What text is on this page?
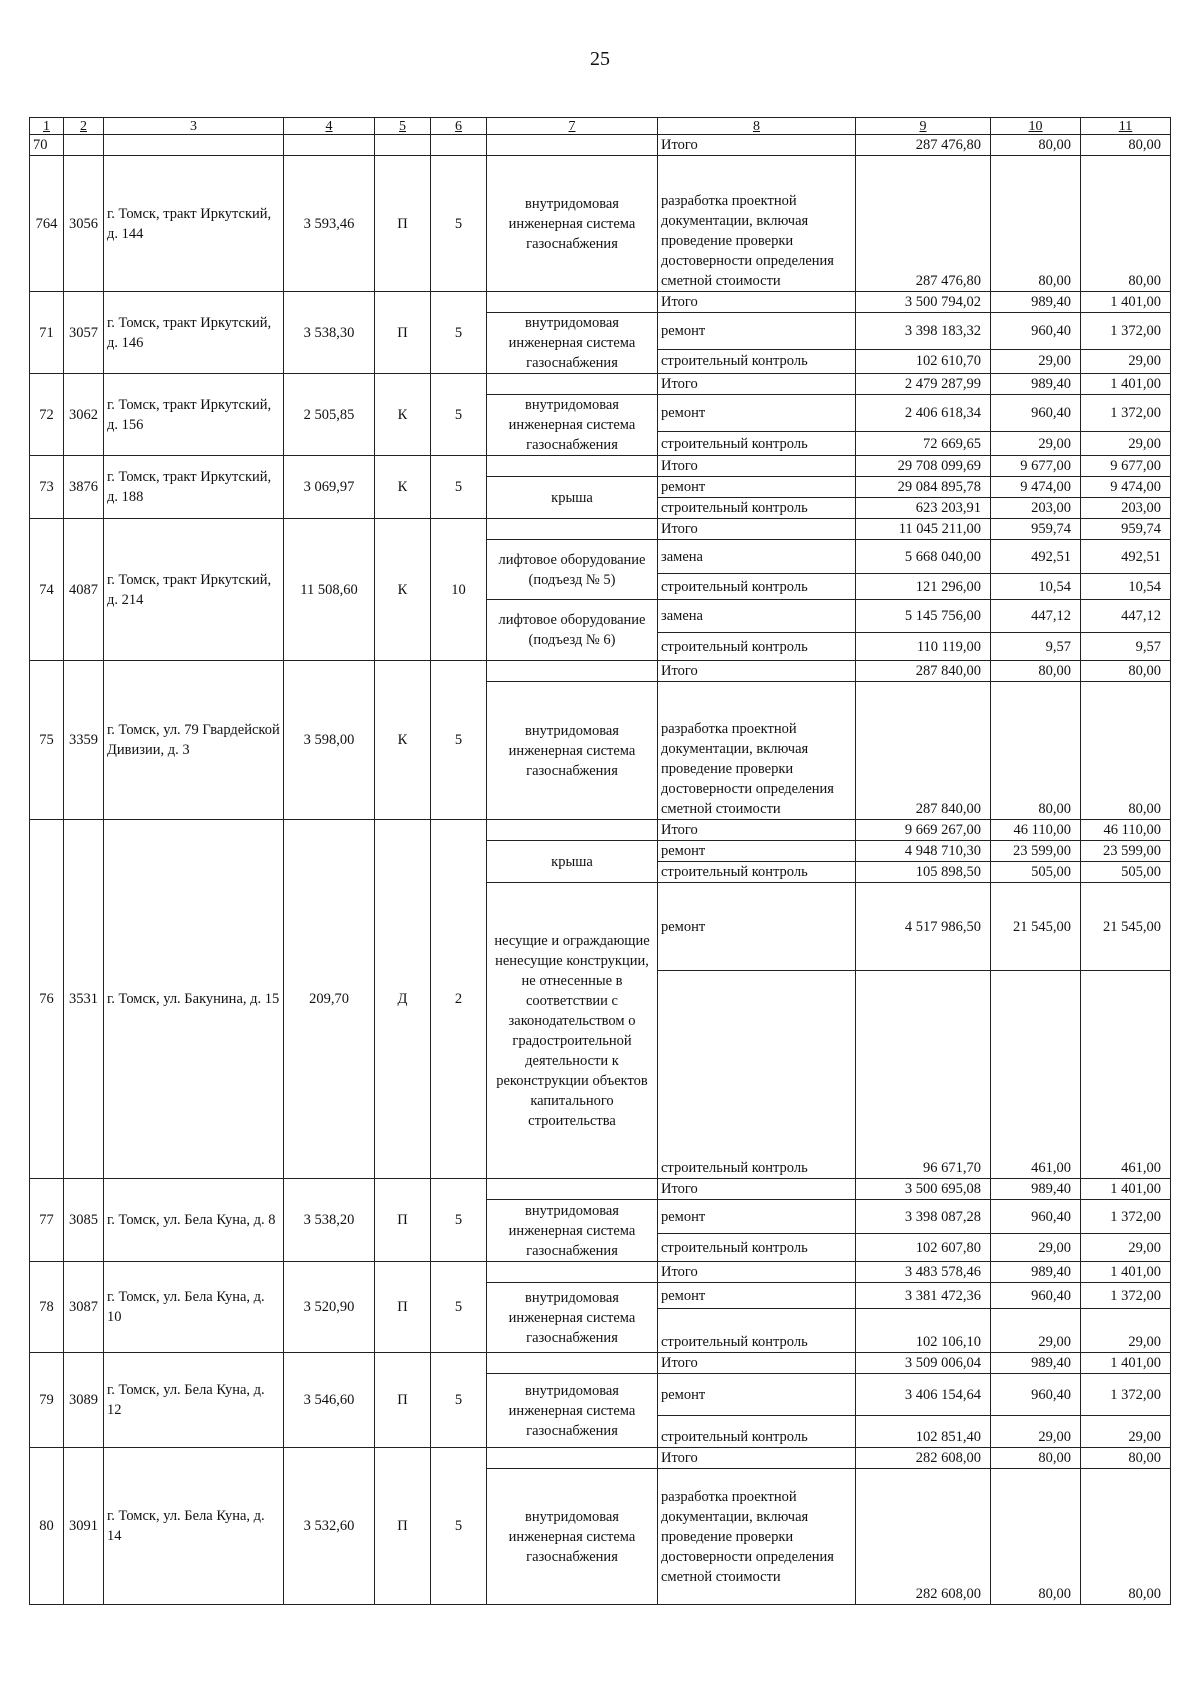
25
1	2	3	4	5	6	7	8	9	10	11
70							Итого	287 476,80	80,00	80,00
764	3056	г. Томск, тракт Иркутский, д. 144	3 593,46	П	5	внутридомовая инженерная система газоснабжения	разработка проектной документации, включая проведение проверки достоверности определения сметной стоимости	287 476,80	80,00	80,00
71	3057	г. Томск, тракт Иркутский, д. 146	3 538,30	П	5		Итого	3 500 794,02	989,40	1 401,00
						внутридомовая инженерная система газоснабжения	ремонт	3 398 183,32	960,40	1 372,00
							строительный контроль	102 610,70	29,00	29,00
72	3062	г. Томск, тракт Иркутский, д. 156	2 505,85	К	5		Итого	2 479 287,99	989,40	1 401,00
						внутридомовая инженерная система газоснабжения	ремонт	2 406 618,34	960,40	1 372,00
							строительный контроль	72 669,65	29,00	29,00
73	3876	г. Томск, тракт Иркутский, д. 188	3 069,97	К	5		Итого	29 708 099,69	9 677,00	9 677,00
						крыша	ремонт	29 084 895,78	9 474,00	9 474,00
							строительный контроль	623 203,91	203,00	203,00
74	4087	г. Томск, тракт Иркутский, д. 214	11 508,60	К	10		Итого	11 045 211,00	959,74	959,74
						лифтовое оборудование (подъезд № 5)	замена	5 668 040,00	492,51	492,51
							строительный контроль	121 296,00	10,54	10,54
						лифтовое оборудование (подъезд № 6)	замена	5 145 756,00	447,12	447,12
							строительный контроль	110 119,00	9,57	9,57
75	3359	г. Томск, ул. 79 Гвардейской Дивизии, д. 3	3 598,00	К	5		Итого	287 840,00	80,00	80,00
						внутридомовая инженерная система газоснабжения	разработка проектной документации, включая проведение проверки достоверности определения сметной стоимости	287 840,00	80,00	80,00
76	3531	г. Томск, ул. Бакунина, д. 15	209,70	Д	2		Итого	9 669 267,00	46 110,00	46 110,00
						крыша	ремонт	4 948 710,30	23 599,00	23 599,00
							строительный контроль	105 898,50	505,00	505,00
						несущие и ограждающие ненесущие конструкции, не отнесенные в соответствии с законодательством о градостроительной деятельности к реконструкции объектов капитального строительства	ремонт	4 517 986,50	21 545,00	21 545,00
							строительный контроль	96 671,70	461,00	461,00
77	3085	г. Томск, ул. Бела Куна, д. 8	3 538,20	П	5		Итого	3 500 695,08	989,40	1 401,00
						внутридомовая инженерная система газоснабжения	ремонт	3 398 087,28	960,40	1 372,00
							строительный контроль	102 607,80	29,00	29,00
78	3087	г. Томск, ул. Бела Куна, д. 10	3 520,90	П	5		Итого	3 483 578,46	989,40	1 401,00
						внутридомовая инженерная система газоснабжения	ремонт	3 381 472,36	960,40	1 372,00
							строительный контроль	102 106,10	29,00	29,00
79	3089	г. Томск, ул. Бела Куна, д. 12	3 546,60	П	5		Итого	3 509 006,04	989,40	1 401,00
						внутридомовая инженерная система газоснабжения	ремонт	3 406 154,64	960,40	1 372,00
							строительный контроль	102 851,40	29,00	29,00
80	3091	г. Томск, ул. Бела Куна, д. 14	3 532,60	П	5		Итого	282 608,00	80,00	80,00
						внутридомовая инженерная система газоснабжения	разработка проектной документации, включая проведение проверки достоверности определения сметной стоимости	282 608,00	80,00	80,00
